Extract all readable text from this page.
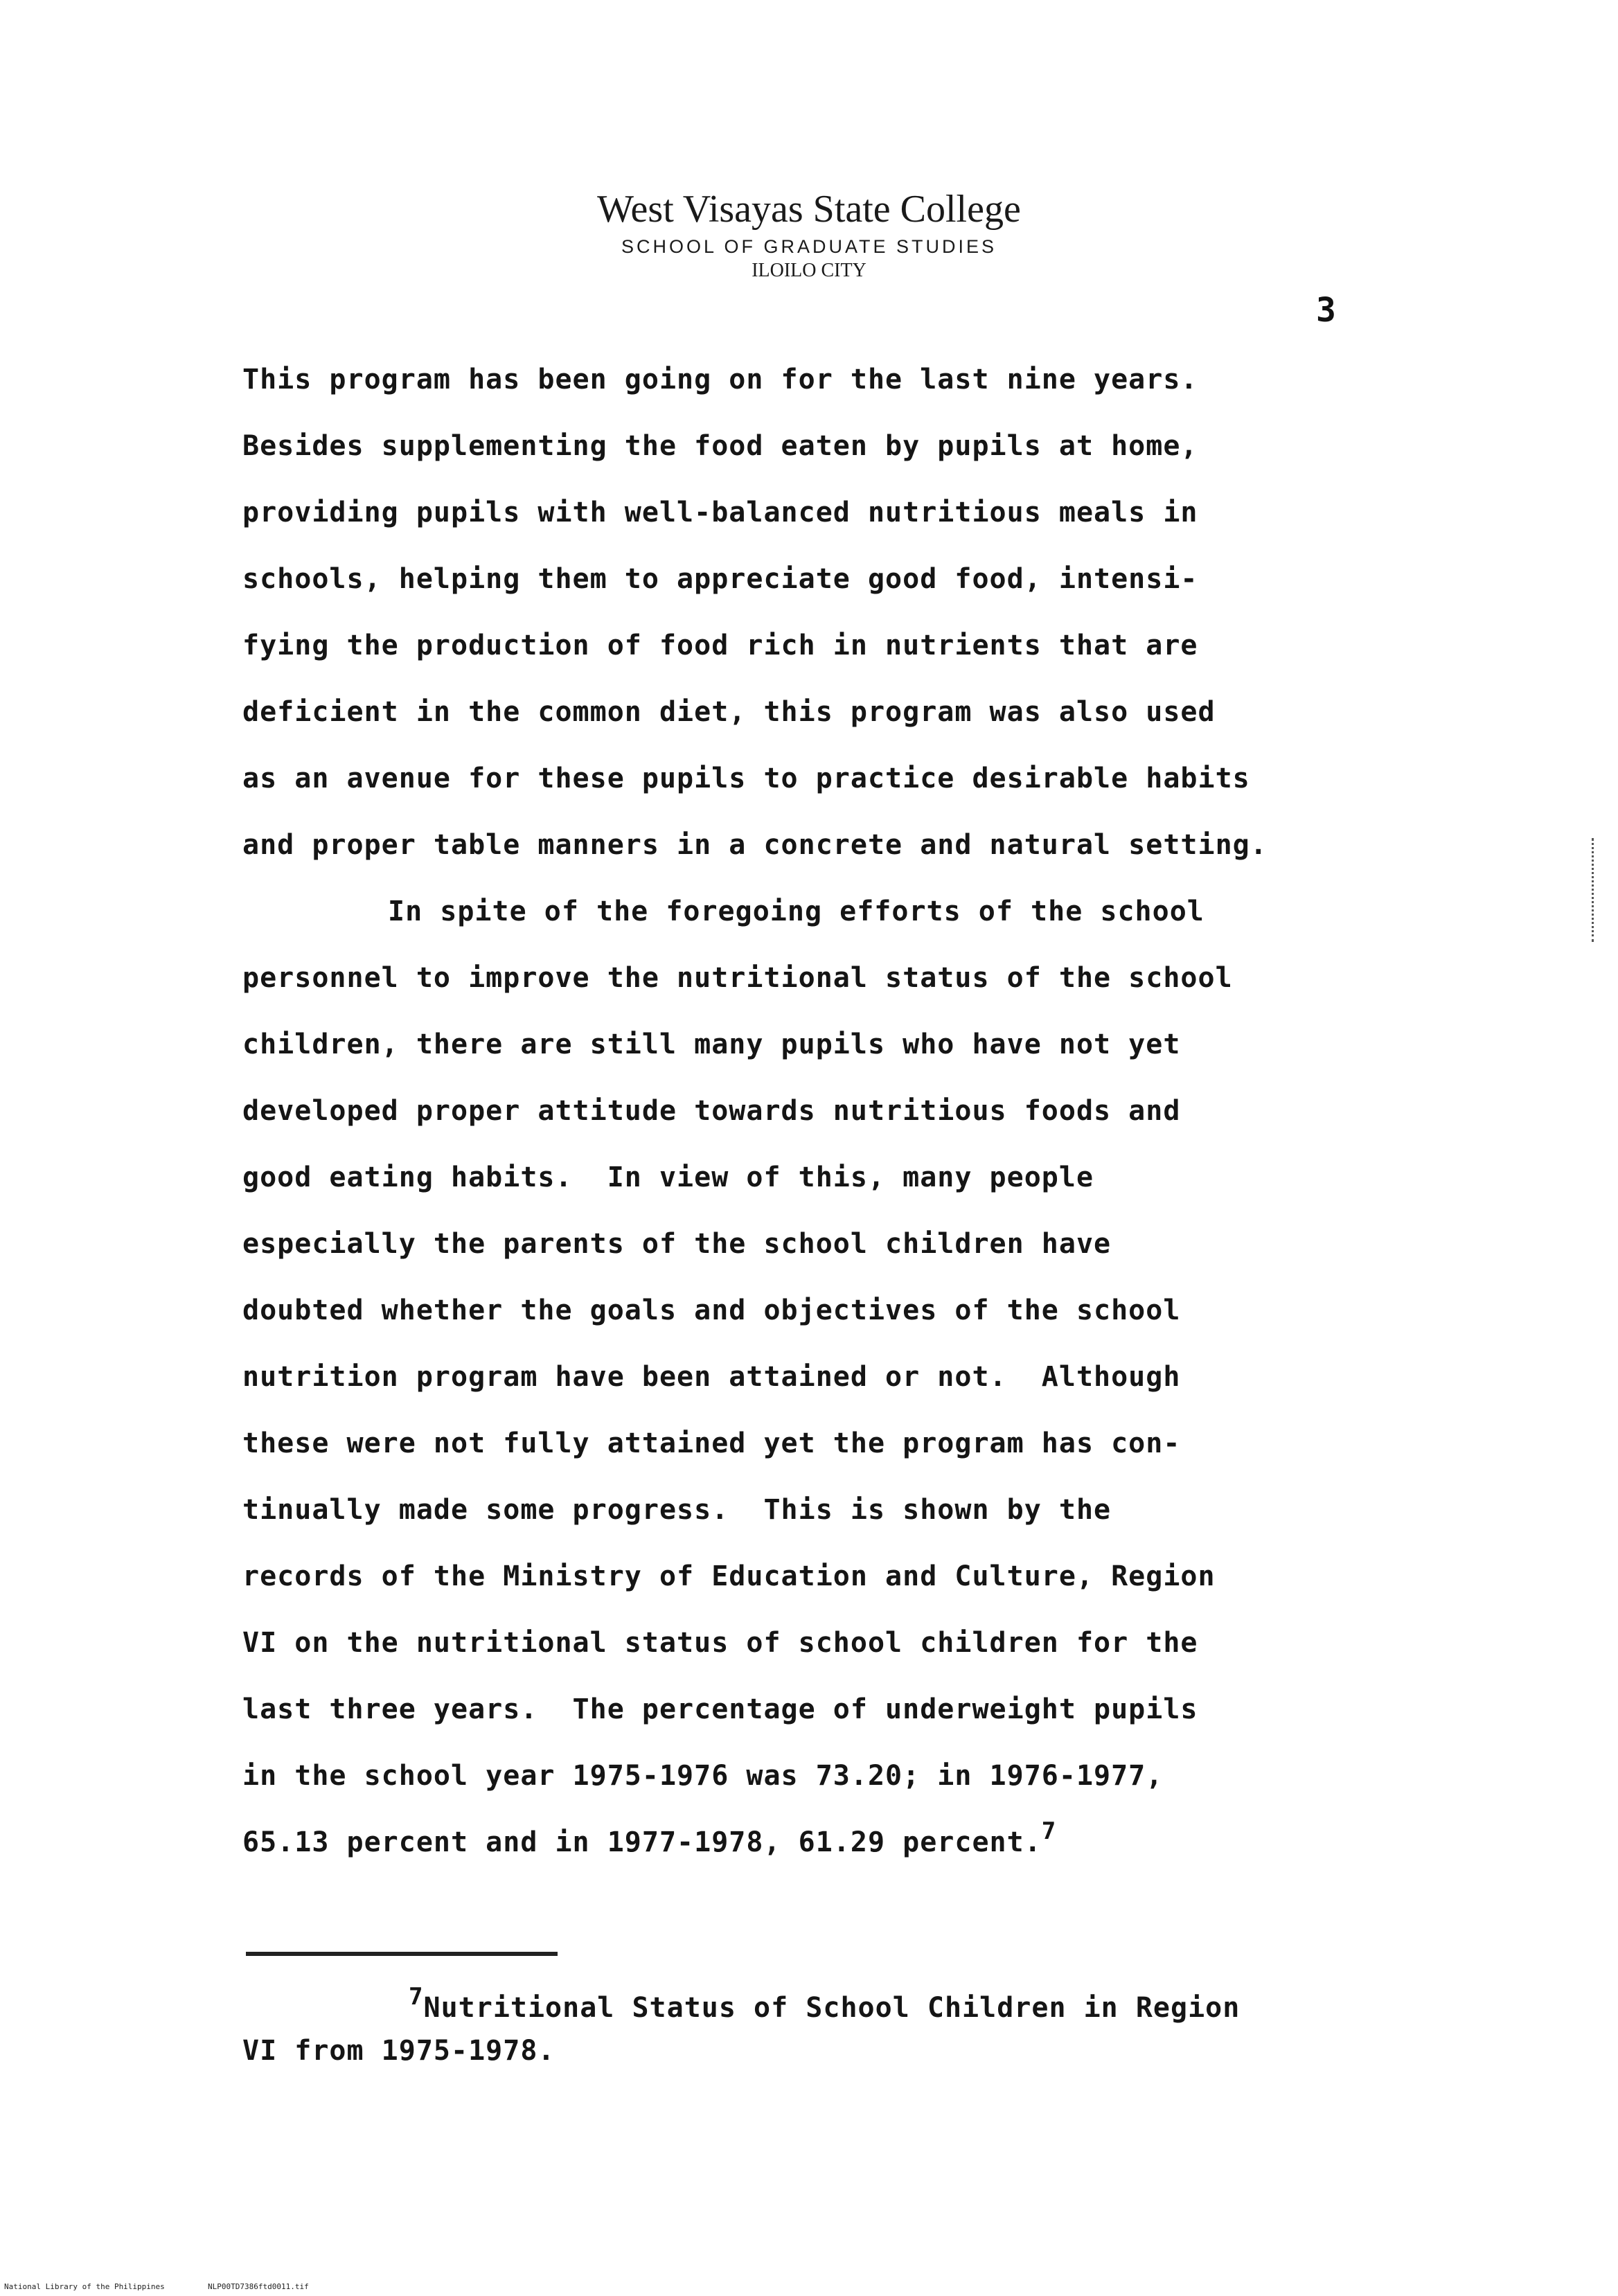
West Visayas State College
SCHOOL OF GRADUATE STUDIES
ILOILO CITY
3
This program has been going on for the last nine years.
Besides supplementing the food eaten by pupils at home,
providing pupils with well-balanced nutritious meals in
schools, helping them to appreciate good food, intensi-
fying the production of food rich in nutrients that are
deficient in the common diet, this program was also used
as an avenue for these pupils to practice desirable habits
and proper table manners in a concrete and natural setting.
In spite of the foregoing efforts of the school
personnel to improve the nutritional status of the school
children, there are still many pupils who have not yet
developed proper attitude towards nutritious foods and
good eating habits.  In view of this, many people
especially the parents of the school children have
doubted whether the goals and objectives of the school
nutrition program have been attained or not.  Although
these were not fully attained yet the program has con-
tinually made some progress.  This is shown by the
records of the Ministry of Education and Culture, Region
VI on the nutritional status of school children for the
last three years.  The percentage of underweight pupils
in the school year 1975-1976 was 73.20; in 1976-1977,
65.13 percent and in 1977-1978, 61.29 percent.$^7$
$^7$Nutritional Status of School Children in Region
VI from 1975-1978.
National Library of the Philippines	NLP00TD7386ftd0011.tif
